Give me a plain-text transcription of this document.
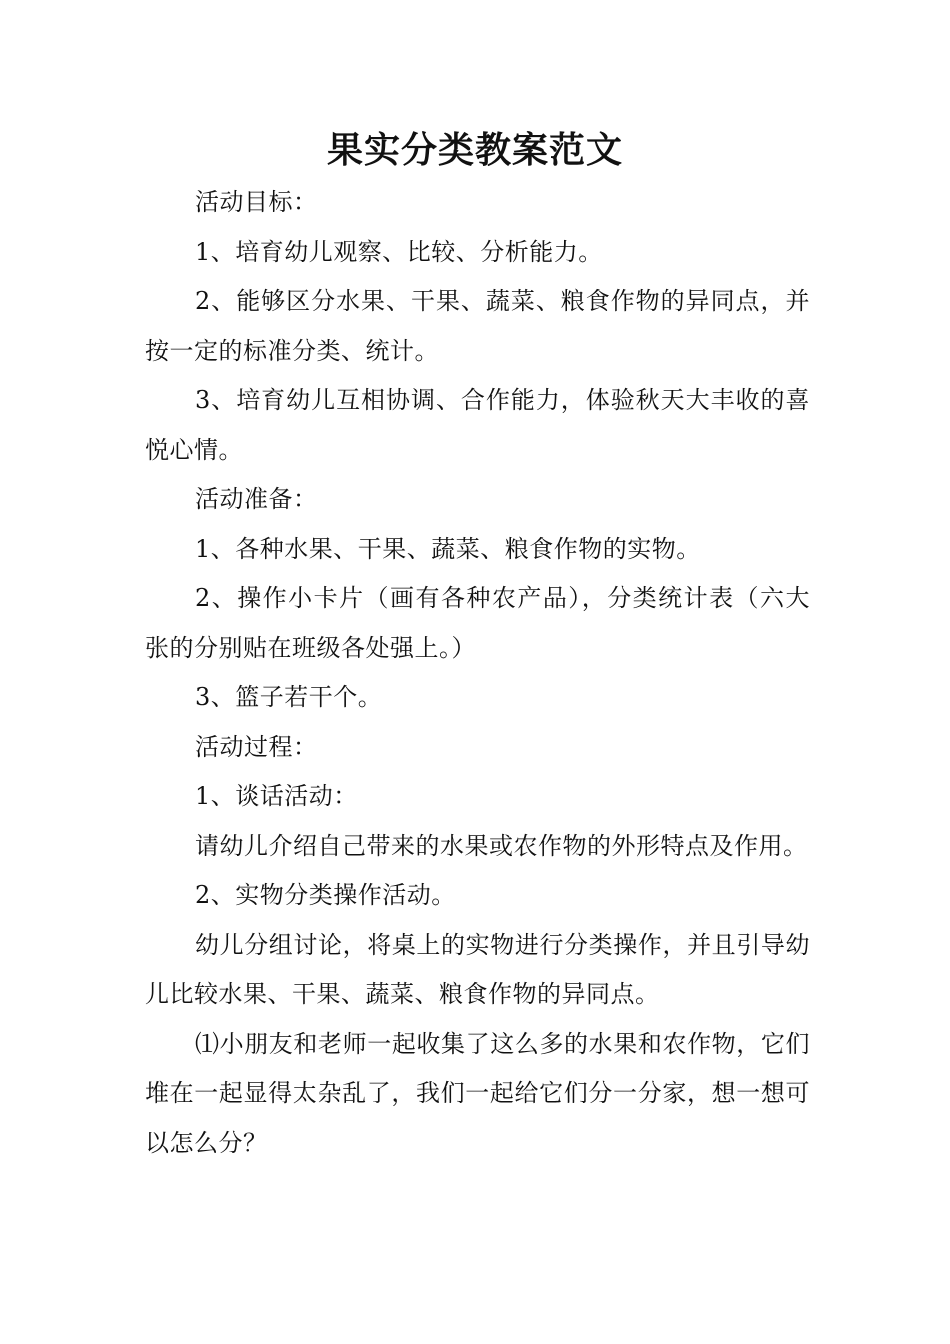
果实分类教案范文

活动目标：

1、培育幼儿观察、比较、分析能力。

2、能够区分水果、干果、蔬菜、粮食作物的异同点，并按一定的标准分类、统计。

3、培育幼儿互相协调、合作能力，体验秋天大丰收的喜悦心情。

活动准备：

1、各种水果、干果、蔬菜、粮食作物的实物。

2、操作小卡片（画有各种农产品），分类统计表（六大张的分别贴在班级各处强上。）

3、篮子若干个。

活动过程：

1、谈话活动：

请幼儿介绍自己带来的水果或农作物的外形特点及作用。

2、实物分类操作活动。

幼儿分组讨论，将桌上的实物进行分类操作，并且引导幼儿比较水果、干果、蔬菜、粮食作物的异同点。

⑴小朋友和老师一起收集了这么多的水果和农作物，它们堆在一起显得太杂乱了，我们一起给它们分一分家，想一想可以怎么分？
